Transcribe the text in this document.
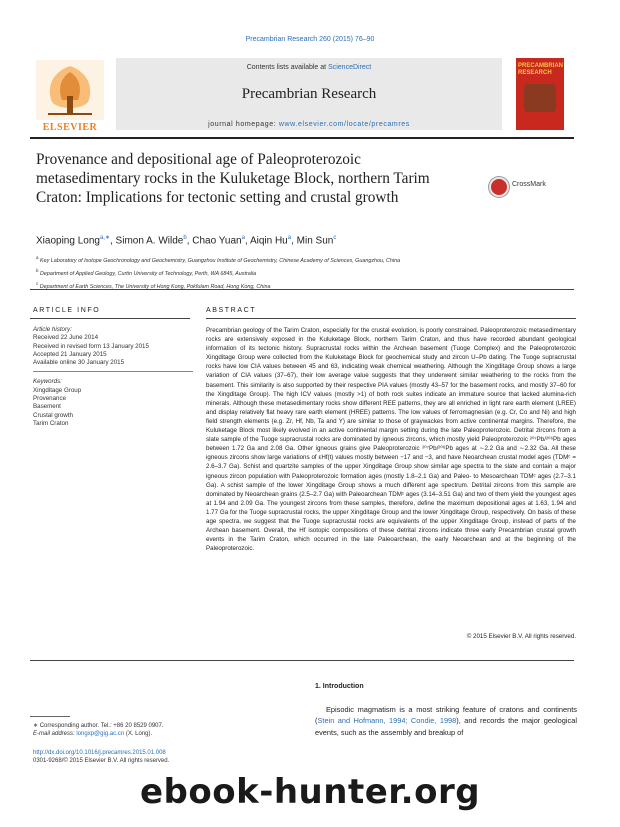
Precambrian Research 260 (2015) 76–90
ELSEVIER
Contents lists available at ScienceDirect
Precambrian Research
journal homepage: www.elsevier.com/locate/precamres
PRECAMBRIAN RESEARCH
Provenance and depositional age of Paleoproterozoic metasedimentary rocks in the Kuluketage Block, northern Tarim Craton: Implications for tectonic setting and crustal growth
CrossMark
Xiaoping Long$^{a,∗}$, Simon A. Wilde$^b$, Chao Yuan$^a$, Aiqin Hu$^a$, Min Sun$^c$
$^a$ Key Laboratory of Isotope Geochronology and Geochemistry, Guangzhou Institute of Geochemistry, Chinese Academy of Sciences, Guangzhou, China
$^b$ Department of Applied Geology, Curtin University of Technology, Perth, WA 6845, Australia
$^c$ Department of Earth Sciences, The University of Hong Kong, Pokfulam Road, Hong Kong, China
ARTICLE INFO	ABSTRACT
Article history:
Received 22 June 2014
Received in revised form 13 January 2015
Accepted 21 January 2015
Available online 30 January 2015

Keywords:
Xingditage Group
Provenance
Basement
Crustal growth
Tarim Craton
Precambrian geology of the Tarim Craton, especially for the crustal evolution, is poorly constrained. Paleoproterozoic metasedimentary rocks are extensively exposed in the Kuluketage Block, northern Tarim Craton, and thus have recorded abundant geological information of its tectonic history. Supracrustal rocks within the Archean basement (Tuoge Complex) and the Paleoproterozoic Xingditage Group were collected from the Kuluketage Block for geochemical study and zircon U–Pb dating. The Tuoge supracrustal rocks have low CIA values between 45 and 63, indicating weak chemical weathering. Although the Xingditage Group shows a large variation of CIA values (37–67), their low average value suggests that they underwent similar weathering to the rocks from the basement. This similarity is also supported by their respective PIA values (mostly 43–57 for the basement rocks, and mostly 37–60 for the Xingditage Group). The high ICV values (mostly >1) of both rock suites indicate an immature source that lacked alumina-rich minerals. Although these metasedimentary rocks show different REE patterns, they are all enriched in light rare earth element (LREE) and display relatively flat heavy rare earth element (HREE) patterns. The low values of ferromagnesian (e.g. Cr, Co and Ni) and high field strength elements (e.g. Zr, Hf, Nb, Ta and Y) are similar to those of graywackes from active continental margins. Therefore, the Kuluketage Block most likely evolved in an active continental margin setting during the late Paleoproterozoic. Detrital zircons from a slate sample of the Tuoge supracrustal rocks are dominated by igneous zircons, which mostly yield Paleoproterozoic ²⁰⁷Pb/²⁰⁶Pb ages between 1.72 Ga and 2.08 Ga. Other igneous grains give Paleoproterozoic ²⁰⁷Pb/²⁰⁶Pb ages at ∼2.2 Ga and ∼2.32 Ga. All these igneous zircons show large variations of εHf(t) values mostly between −17 and −3, and have Neoarchean crustal model ages (TDMᶜ = 2.6–3.7 Ga). Schist and quartzite samples of the upper Xingditage Group show similar age spectra to the slate and contain a major igneous zircon population with Paleoproterozoic formation ages (mostly 1.8–2.1 Ga) and Paleo- to Mesoarchean TDMᶜ ages (2.7–3.1 Ga). A schist sample of the lower Xingditage Group shows a much different age spectrum. Detrital zircons from this sample are dominated by Neoarchean grains (2.5–2.7 Ga) with Paleoarchean TDMᶜ ages (3.14–3.51 Ga) and two of them yield the youngest ages at 1.94 and 2.09 Ga. The youngest zircons from these samples, therefore, define the maximum depositional ages at 1.63, 1.94 and 1.77 Ga for the Tuoge supracrustal rocks, the upper Xingditage Group and the lower Xingditage Group, respectively. On basis of these age spectra, we suggest that the Tuoge supracrustal rocks are equivalents of the upper Xingditage Group, instead of parts of the Archean basement. Overall, the Hf isotopic compositions of these detrital zircons indicate three early Precambrian crustal growth events in the Tarim Craton, which occurred in the late Paleoarchean, the early Neoarchean and at the beginning of the Paleoproterozoic.
© 2015 Elsevier B.V. All rights reserved.
1. Introduction
Episodic magmatism is a most striking feature of cratons and continents (Stein and Hofmann, 1994; Condie, 1998), and records the major geological events, such as the assembly and breakup of
∗ Corresponding author. Tel.: +86 20 8529 0907.
E-mail address: longxp@gig.ac.cn (X. Long).
http://dx.doi.org/10.1016/j.precamres.2015.01.008
0301-9268/© 2015 Elsevier B.V. All rights reserved.
ebook-hunter.org
